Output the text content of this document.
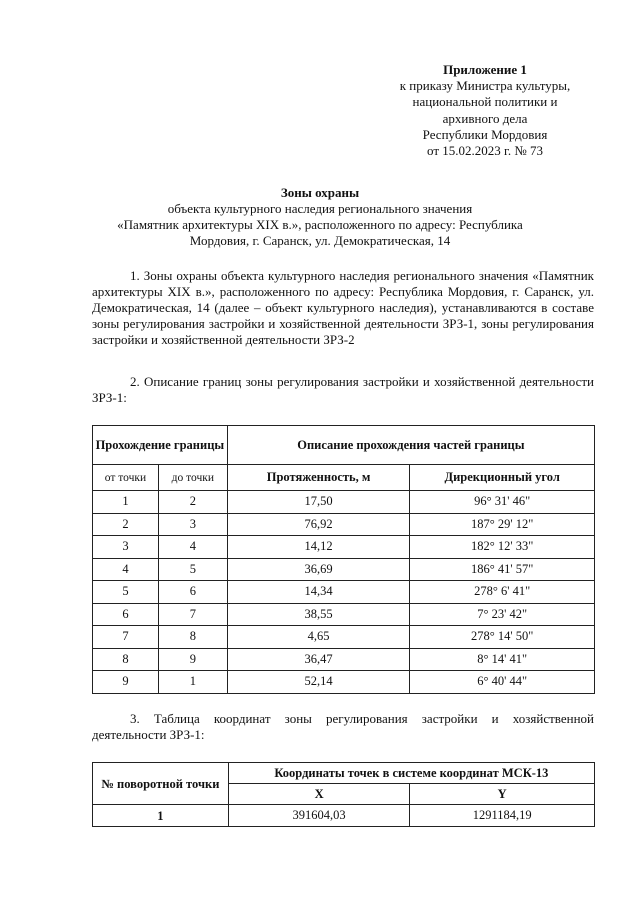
Приложение 1
к приказу Министра культуры,
национальной политики и
архивного дела
Республики Мордовия
от 15.02.2023 г. № 73
Зоны охраны
объекта культурного наследия регионального значения
«Памятник архитектуры XIX в.», расположенного по адресу: Республика
Мордовия, г. Саранск, ул. Демократическая, 14
1. Зоны охраны объекта культурного наследия регионального значения «Памятник архитектуры XIX в.», расположенного по адресу: Республика Мордовия, г. Саранск, ул. Демократическая, 14 (далее – объект культурного наследия), устанавливаются в составе зоны регулирования застройки и хозяйственной деятельности ЗРЗ-1, зоны регулирования застройки и хозяйственной деятельности ЗРЗ-2
2. Описание границ зоны регулирования застройки и хозяйственной деятельности ЗРЗ-1:
Прохождение границы		Описание прохождения частей границы	
от точки	до точки	Протяженность, м	Дирекционный угол
1	2	17,50	96° 31' 46"
2	3	76,92	187° 29' 12"
3	4	14,12	182° 12' 33"
4	5	36,69	186° 41' 57"
5	6	14,34	278° 6' 41"
6	7	38,55	7° 23' 42"
7	8	4,65	278° 14' 50"
8	9	36,47	8° 14' 41"
9	1	52,14	6° 40' 44"
3. Таблица координат зоны регулирования застройки и хозяйственной деятельности ЗРЗ-1:
№ поворотной точки	Координаты точек в системе координат МСК-13	
	X	Y
1	391604,03	1291184,19
